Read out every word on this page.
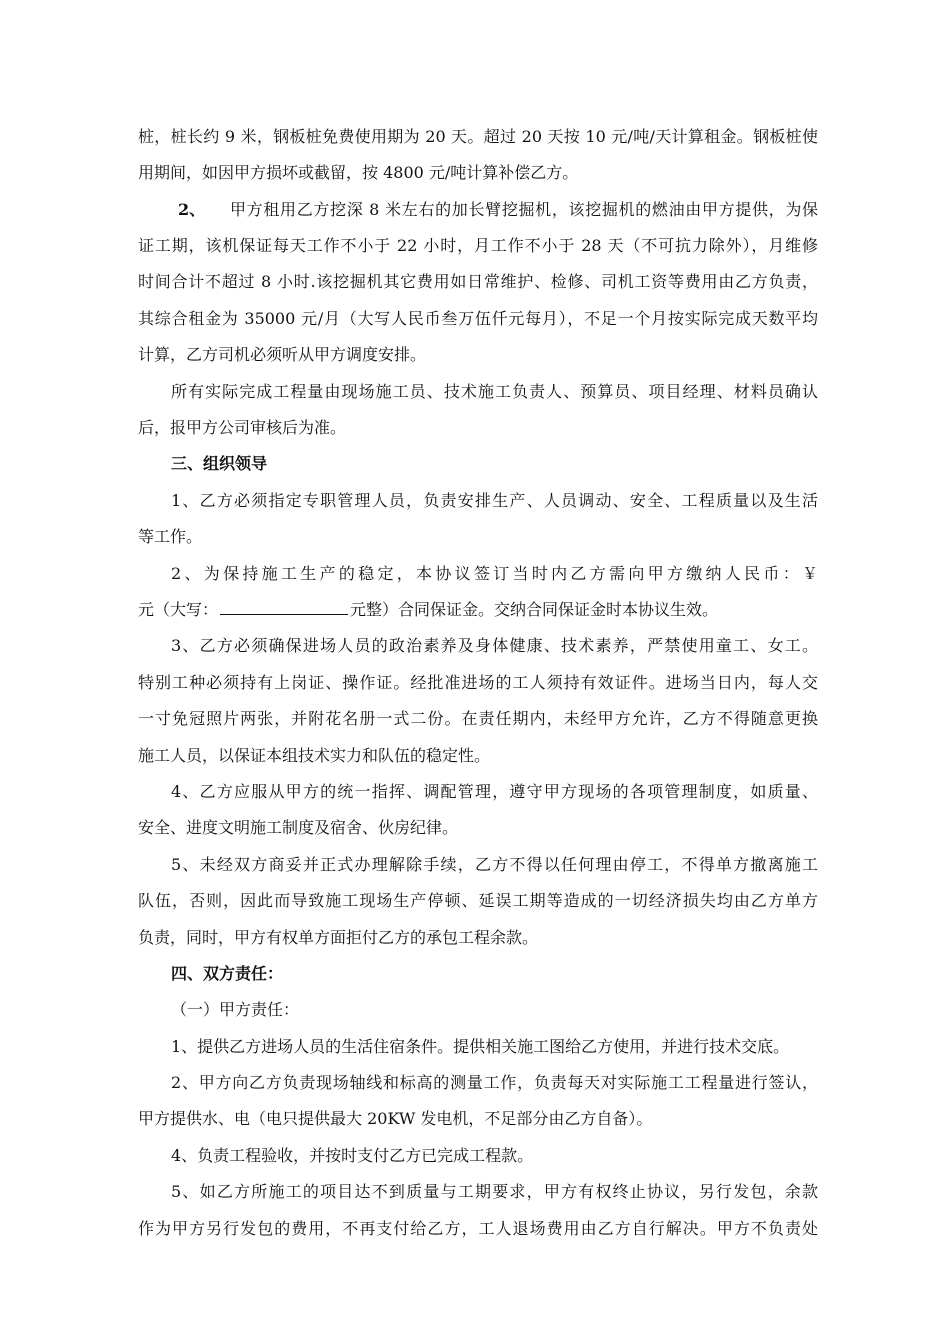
桩，桩长约 9 米，钢板桩免费使用期为 20 天。超过 20 天按 10 元/吨/天计算租金。钢板桩使
用期间，如因甲方损坏或截留，按 4800 元/吨计算补偿乙方。
2、 甲方租用乙方挖深 8 米左右的加长臂挖掘机，该挖掘机的燃油由甲方提供，为保
证工期，该机保证每天工作不小于 22 小时，月工作不小于 28 天（不可抗力除外），月维修
时间合计不超过 8 小时.该挖掘机其它费用如日常维护、检修、司机工资等费用由乙方负责，
其综合租金为 35000 元/月（大写人民币叁万伍仟元每月），不足一个月按实际完成天数平均
计算，乙方司机必须听从甲方调度安排。
所有实际完成工程量由现场施工员、技术施工负责人、预算员、项目经理、材料员确认
后，报甲方公司审核后为准。
三、组织领导
1、乙方必须指定专职管理人员，负责安排生产、人员调动、安全、工程质量以及生活
等工作。
2、为保持施工生产的稳定，本协议签订当时内乙方需向甲方缴纳人民币：￥
元（大写：	元整）合同保证金。交纳合同保证金时本协议生效。
3、乙方必须确保进场人员的政治素养及身体健康、技术素养，严禁使用童工、女工。
特别工种必须持有上岗证、操作证。经批准进场的工人须持有效证件。进场当日内，每人交
一寸免冠照片两张，并附花名册一式二份。在责任期内，未经甲方允许，乙方不得随意更换
施工人员，以保证本组技术实力和队伍的稳定性。
4、乙方应服从甲方的统一指挥、调配管理，遵守甲方现场的各项管理制度，如质量、
安全、进度文明施工制度及宿舍、伙房纪律。
5、未经双方商妥并正式办理解除手续，乙方不得以任何理由停工，不得单方撤离施工
队伍，否则，因此而导致施工现场生产停顿、延误工期等造成的一切经济损失均由乙方单方
负责，同时，甲方有权单方面拒付乙方的承包工程余款。
四、双方责任：
（一）甲方责任：
1、提供乙方进场人员的生活住宿条件。提供相关施工图给乙方使用，并进行技术交底。
2、甲方向乙方负责现场轴线和标高的测量工作，负责每天对实际施工工程量进行签认，
甲方提供水、电（电只提供最大 20KW 发电机，不足部分由乙方自备）。
4、负责工程验收，并按时支付乙方已完成工程款。
5、如乙方所施工的项目达不到质量与工期要求，甲方有权终止协议，另行发包，余款
作为甲方另行发包的费用，不再支付给乙方，工人退场费用由乙方自行解决。甲方不负责处
